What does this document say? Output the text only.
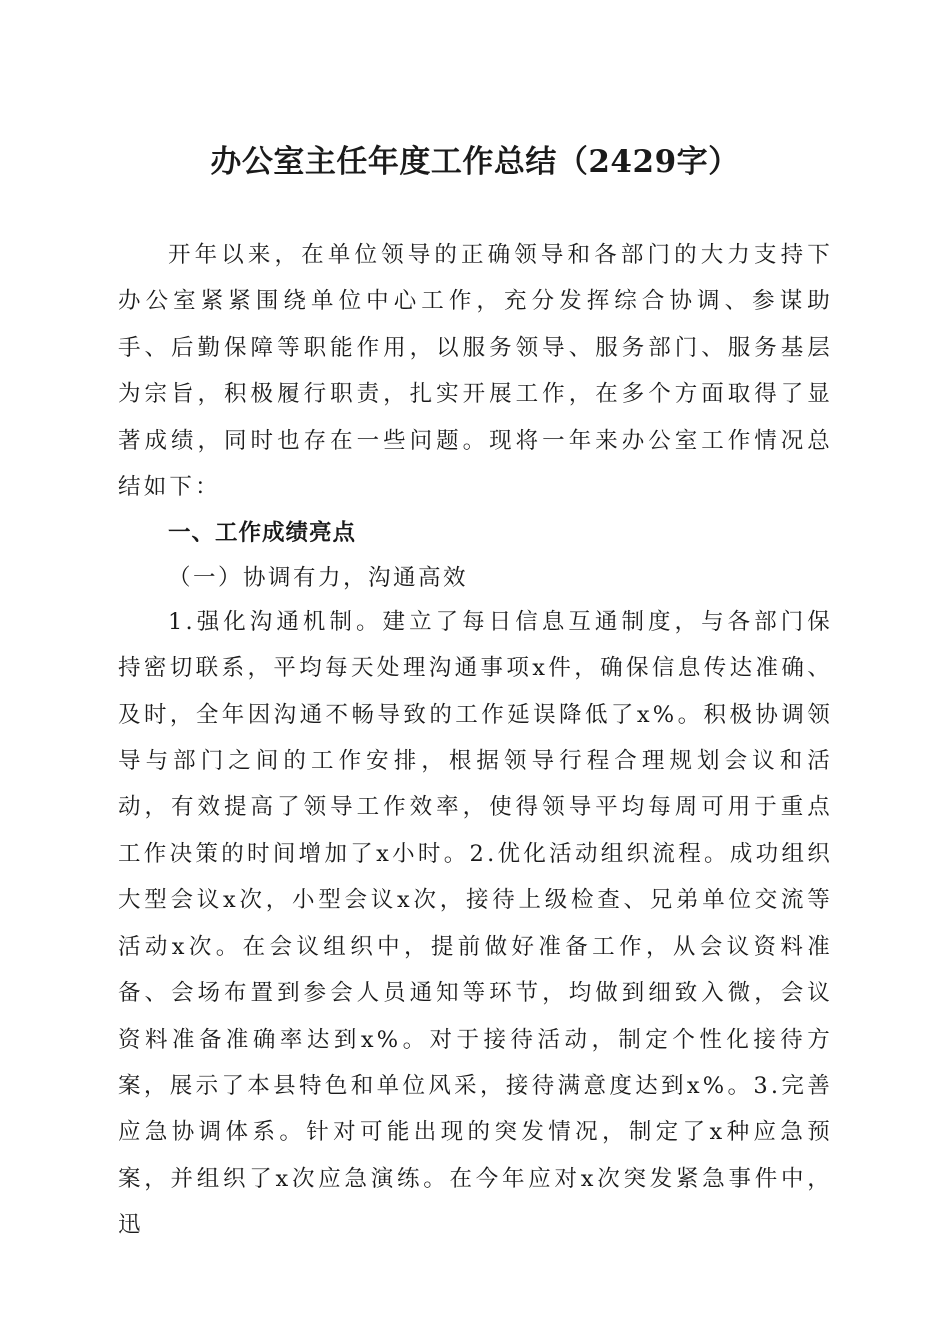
办公室主任年度工作总结（2429字）

开年以来，在单位领导的正确领导和各部门的大力支持下办公室紧紧围绕单位中心工作，充分发挥综合协调、参谋助手、后勤保障等职能作用，以服务领导、服务部门、服务基层为宗旨，积极履行职责，扎实开展工作，在多个方面取得了显著成绩，同时也存在一些问题。现将一年来办公室工作情况总结如下：

一、工作成绩亮点

（一）协调有力，沟通高效

1.强化沟通机制。建立了每日信息互通制度，与各部门保持密切联系，平均每天处理沟通事项x件，确保信息传达准确、及时，全年因沟通不畅导致的工作延误降低了x%。积极协调领导与部门之间的工作安排，根据领导行程合理规划会议和活动，有效提高了领导工作效率，使得领导平均每周可用于重点工作决策的时间增加了x小时。2.优化活动组织流程。成功组织大型会议x次，小型会议x次，接待上级检查、兄弟单位交流等活动x次。在会议组织中，提前做好准备工作，从会议资料准备、会场布置到参会人员通知等环节，均做到细致入微，会议资料准备准确率达到x%。对于接待活动，制定个性化接待方案，展示了本县特色和单位风采，接待满意度达到x%。3.完善应急协调体系。针对可能出现的突发情况，制定了x种应急预案，并组织了x次应急演练。在今年应对x次突发紧急事件中，迅
